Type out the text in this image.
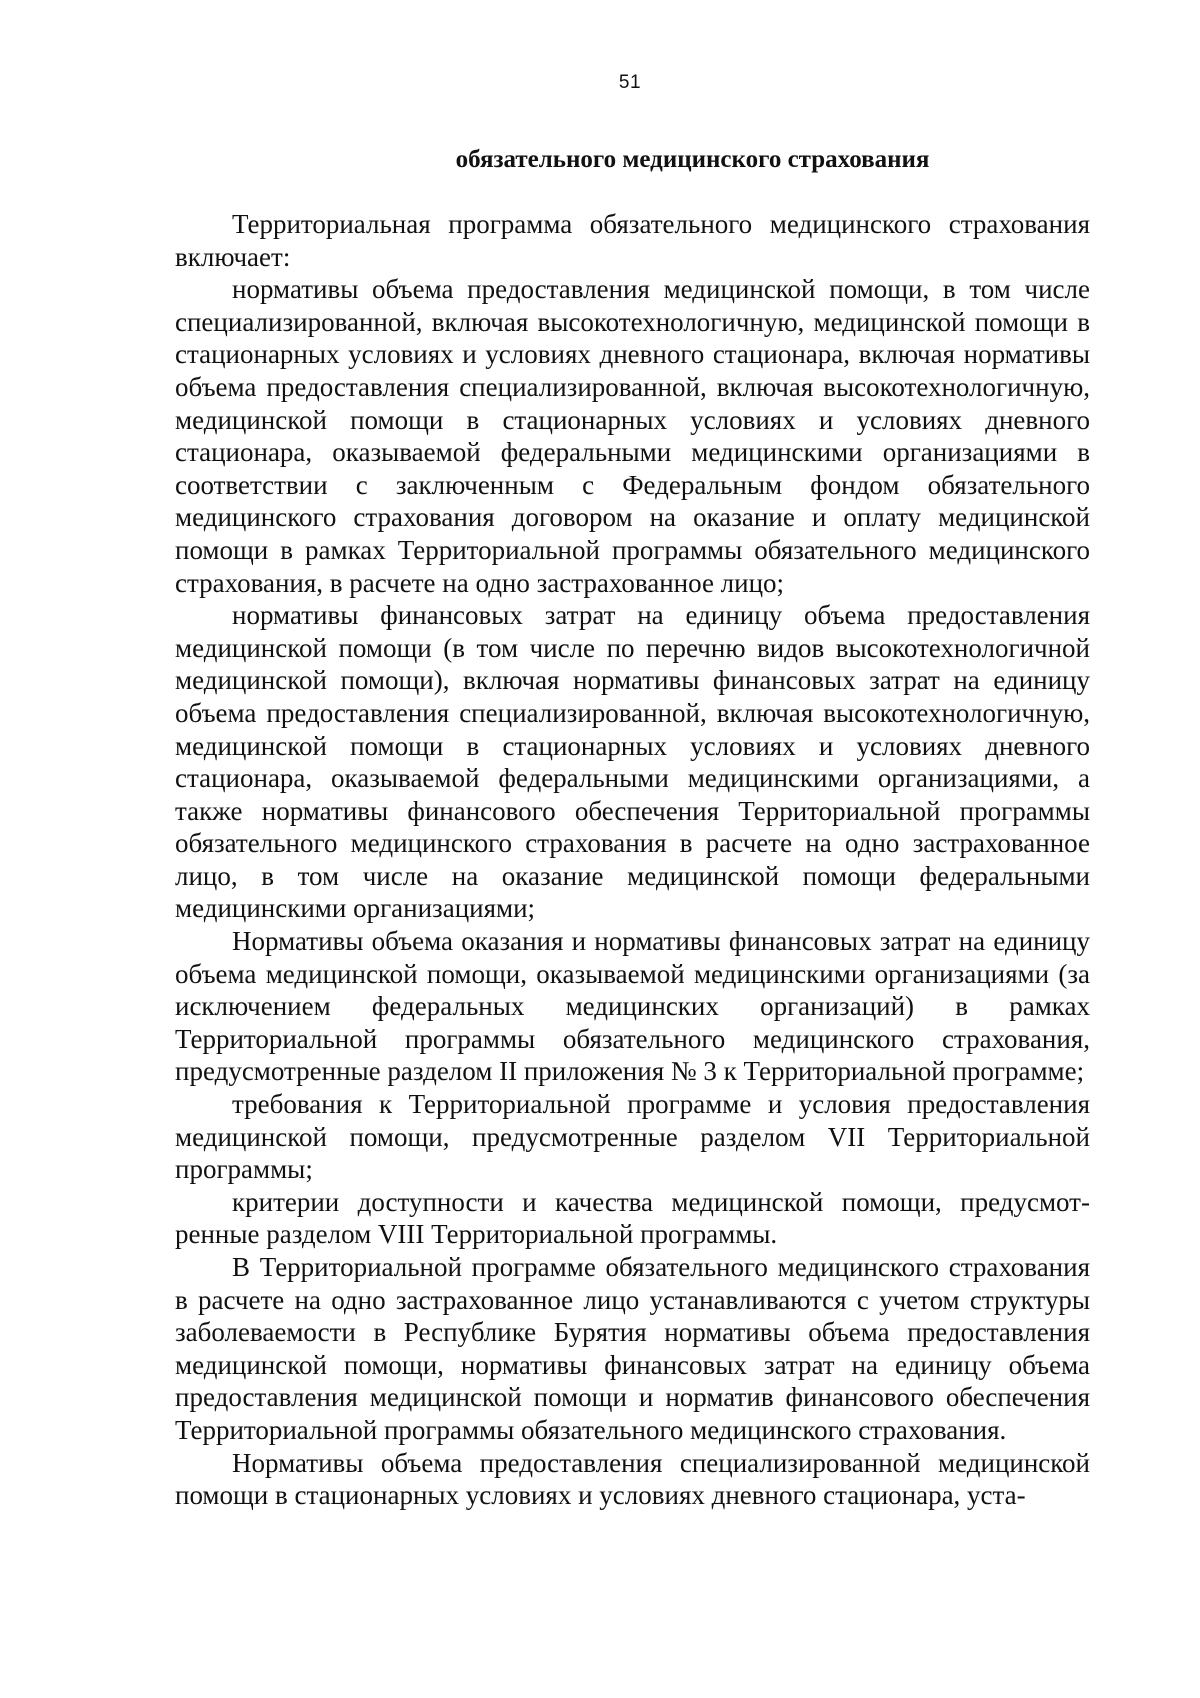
51
обязательного медицинского страхования

Территориальная программа обязательного медицинского страхования включает:

нормативы объема предоставления медицинской помощи, в том числе специализированной, включая высокотехнологичную, медицинской помощи в стационарных условиях и условиях дневного стационара, включая нормативы объема предоставления специализированной, включая высокотехнологичную, медицинской помощи в стационарных условиях и условиях дневного стационара, оказываемой федеральными медицинскими организациями в соответствии с заключенным с Федеральным фондом обязательного медицинского страхования договором на оказание и оплату медицинской помощи в рамках Территориальной программы обязательного медицинского страхования, в расчете на одно застрахованное лицо;

нормативы финансовых затрат на единицу объема предоставления медицинской помощи (в том числе по перечню видов высокотехнологичной медицинской помощи), включая нормативы финансовых затрат на единицу объема предоставления специализированной, включая высокотехнологичную, медицинской помощи в стационарных условиях и условиях дневного стационара, оказываемой федеральными медицинскими организациями, а также нормативы финансового обеспечения Территориальной программы обязательного медицинского страхования в расчете на одно застрахованное лицо, в том числе на оказание медицинской помощи федеральными медицинскими организациями;

Нормативы объема оказания и нормативы финансовых затрат на единицу объема медицинской помощи, оказываемой медицинскими организациями (за исключением федеральных медицинских организаций) в рамках Территориальной программы обязательного медицинского страхования, предусмотренные разделом II приложения № 3 к Территориальной программе;

требования к Территориальной программе и условия предоставления медицинской помощи, предусмотренные разделом VII Территориальной программы;

критерии доступности и качества медицинской помощи, предусмотренные разделом VIII Территориальной программы.

В Территориальной программе обязательного медицинского страхования в расчете на одно застрахованное лицо устанавливаются с учетом структуры заболеваемости в Республике Бурятия нормативы объема предоставления медицинской помощи, нормативы финансовых затрат на единицу объема предоставления медицинской помощи и норматив финансового обеспечения Территориальной программы обязательного медицинского страхования.

Нормативы объема предоставления специализированной медицинской помощи в стационарных условиях и условиях дневного стационара, уста-
